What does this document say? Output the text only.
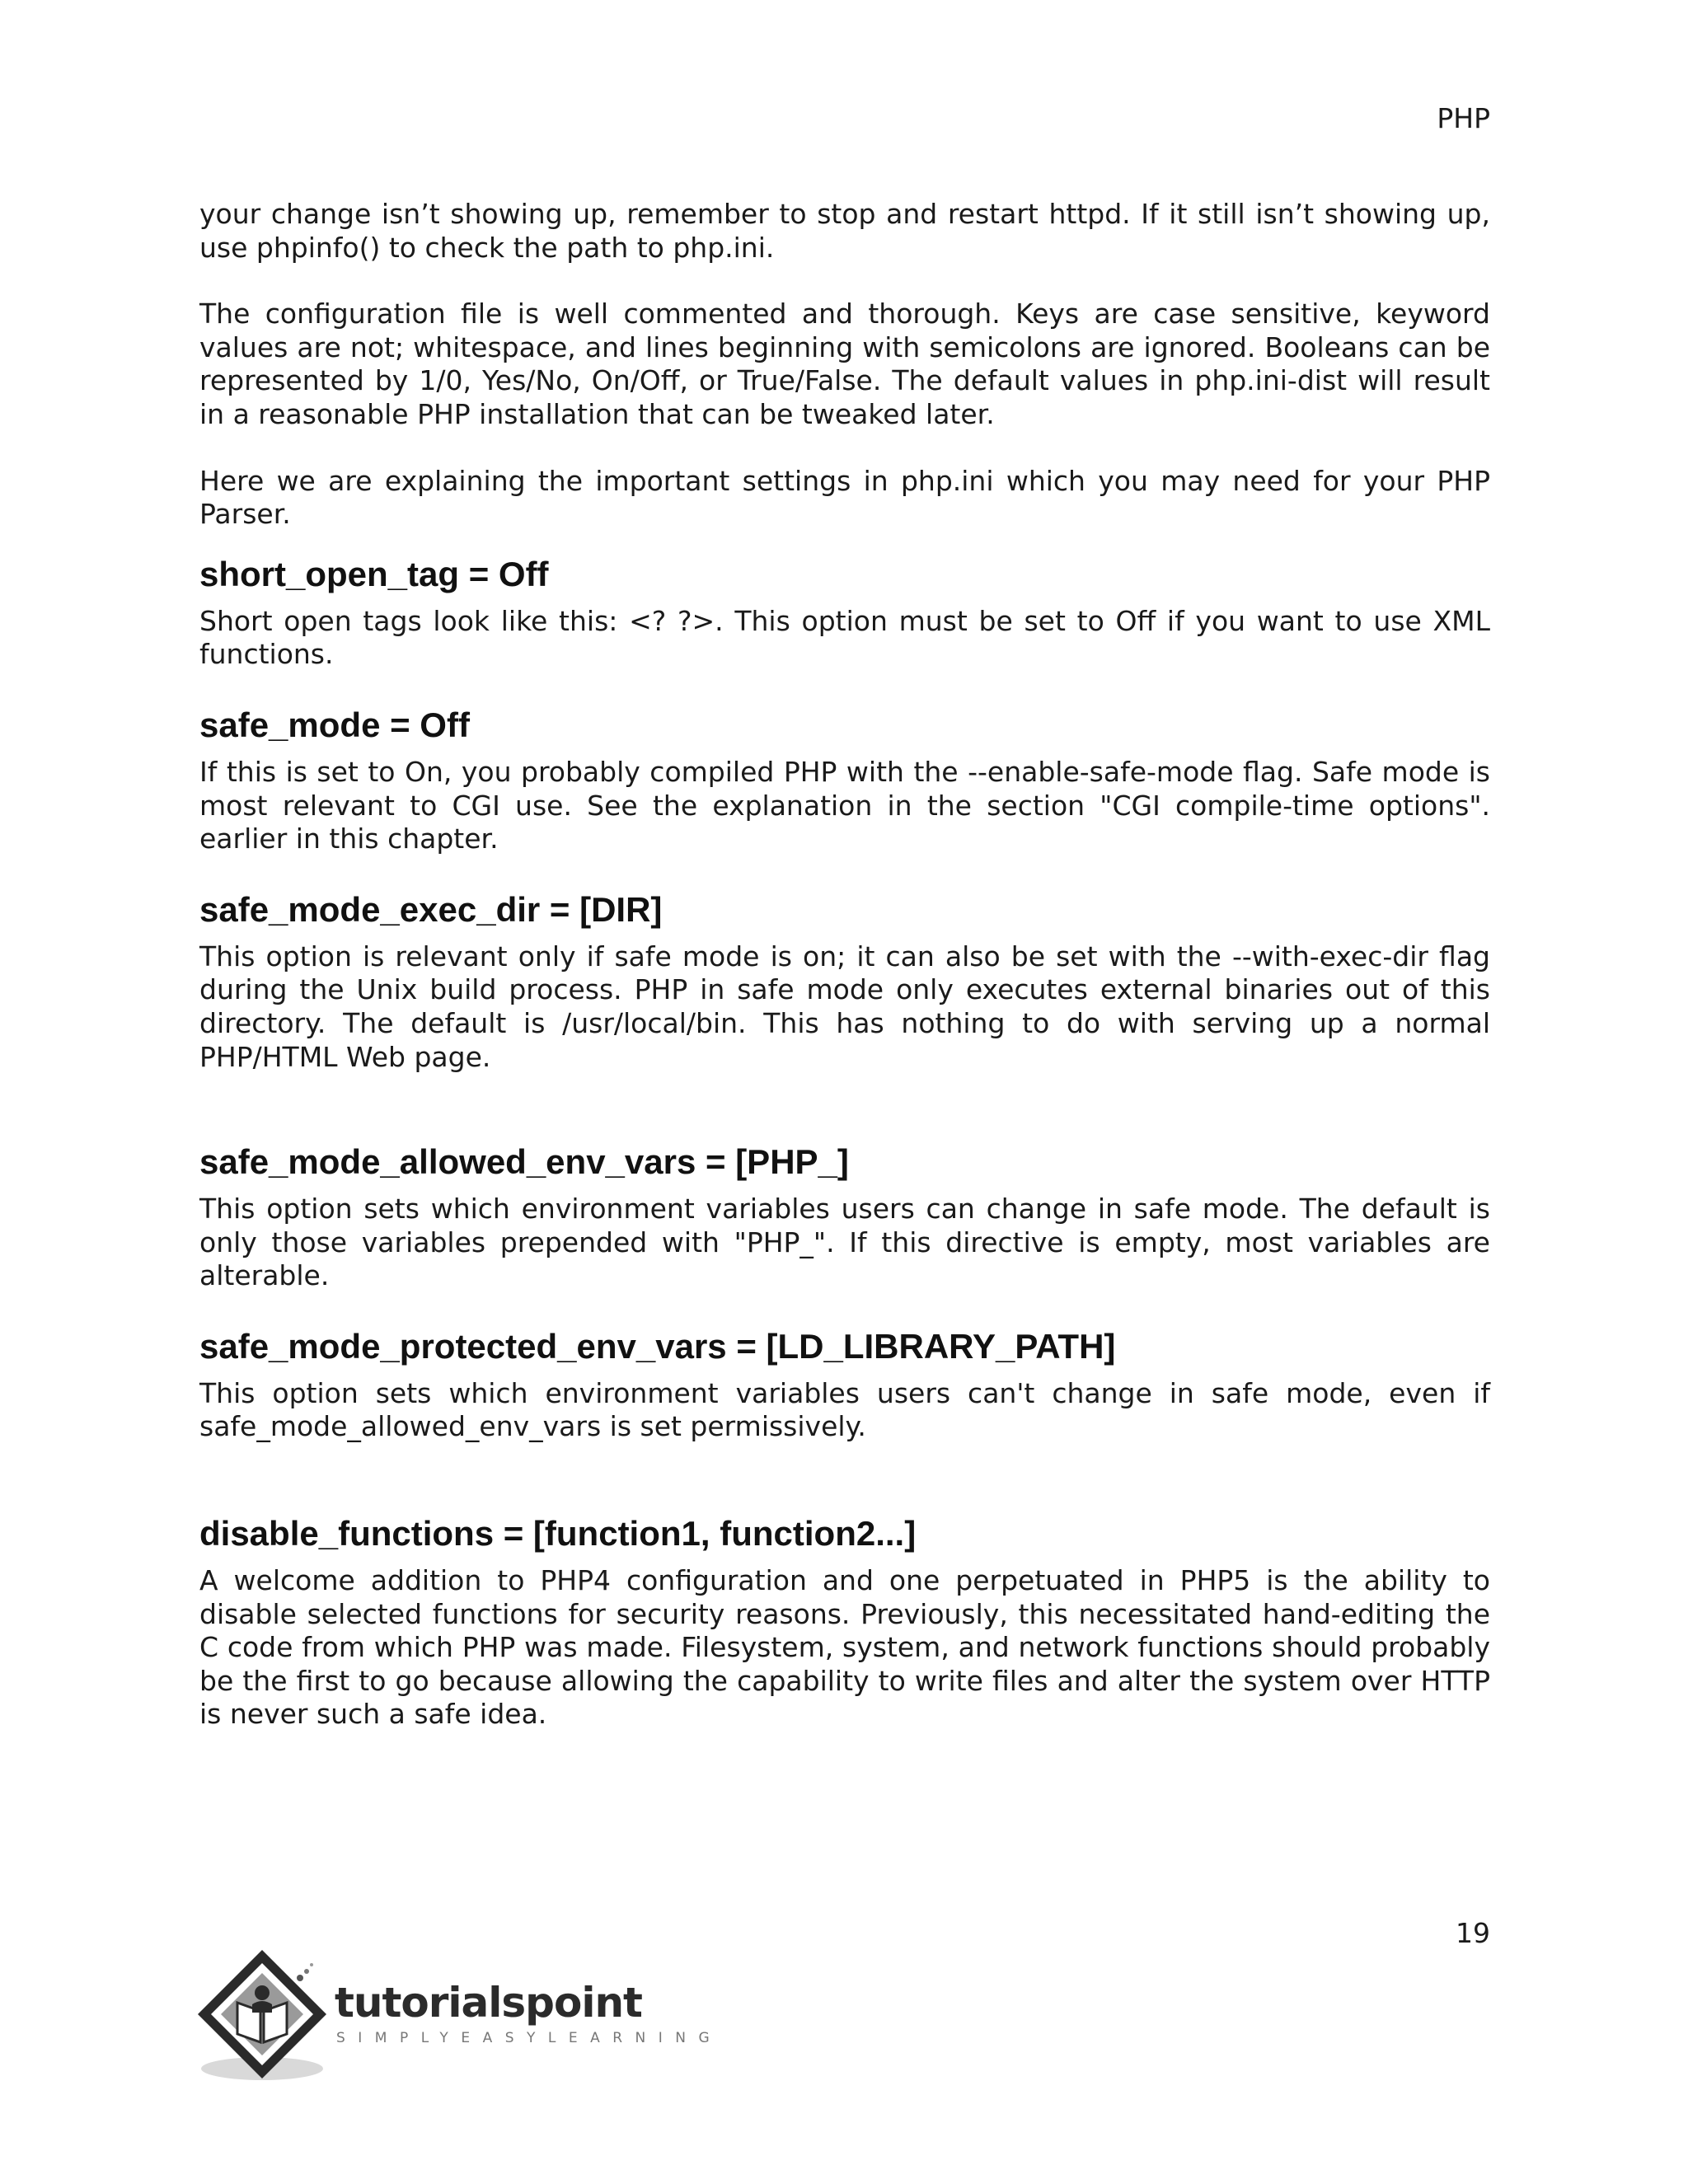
PHP

your change isn’t showing up, remember to stop and restart httpd. If it still isn’t showing up, use phpinfo() to check the path to php.ini.

The configuration file is well commented and thorough. Keys are case sensitive, keyword values are not; whitespace, and lines beginning with semicolons are ignored. Booleans can be represented by 1/0, Yes/No, On/Off, or True/False. The default values in php.ini-dist will result in a reasonable PHP installation that can be tweaked later.

Here we are explaining the important settings in php.ini which you may need for your PHP Parser.

short_open_tag = Off

Short open tags look like this: <? ?>. This option must be set to Off if you want to use XML functions.

safe_mode = Off

If this is set to On, you probably compiled PHP with the --enable-safe-mode flag. Safe mode is most relevant to CGI use. See the explanation in the section "CGI compile-time options". earlier in this chapter.

safe_mode_exec_dir = [DIR]

This option is relevant only if safe mode is on; it can also be set with the --with-exec-dir flag during the Unix build process. PHP in safe mode only executes external binaries out of this directory. The default is /usr/local/bin. This has nothing to do with serving up a normal PHP/HTML Web page.

safe_mode_allowed_env_vars = [PHP_]

This option sets which environment variables users can change in safe mode. The default is only those variables prepended with "PHP_". If this directive is empty, most variables are alterable.

safe_mode_protected_env_vars = [LD_LIBRARY_PATH]

This option sets which environment variables users can't change in safe mode, even if safe_mode_allowed_env_vars is set permissively.

disable_functions = [function1, function2...]

A welcome addition to PHP4 configuration and one perpetuated in PHP5 is the ability to disable selected functions for security reasons. Previously, this necessitated hand-editing the C code from which PHP was made. Filesystem, system, and network functions should probably be the first to go because allowing the capability to write files and alter the system over HTTP is never such a safe idea.

19
tutorialspoint
SIMPLYEASYLEARNING
